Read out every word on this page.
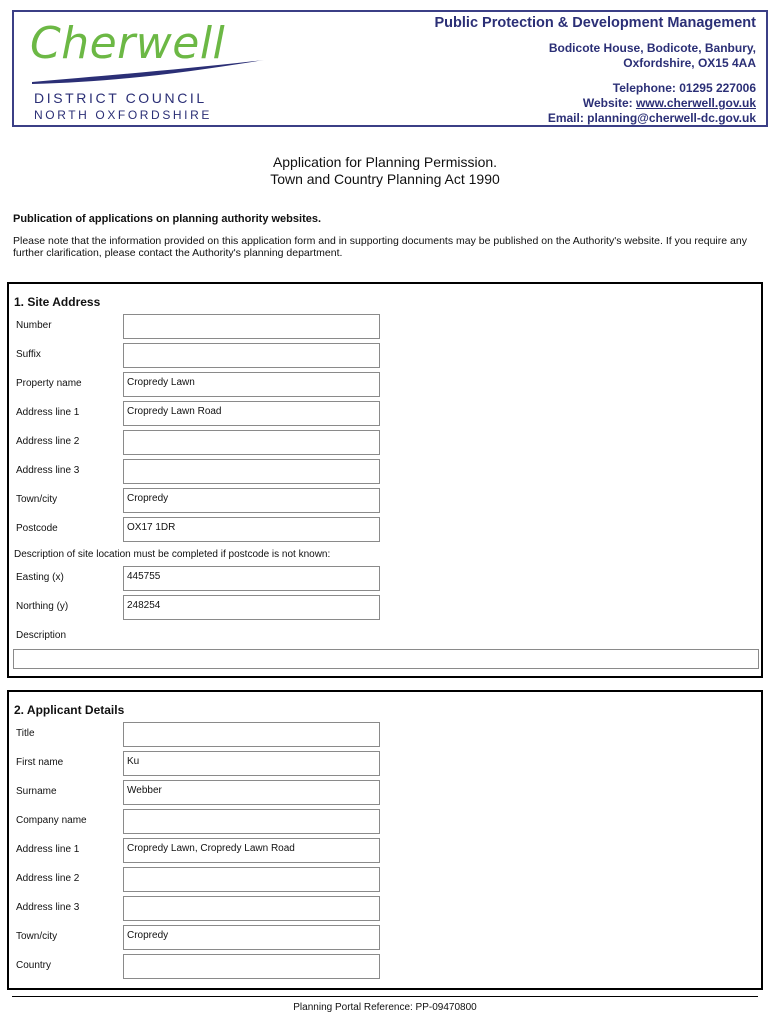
Cherwell
DISTRICT COUNCIL
NORTH OXFORDSHIRE
Public Protection & Development Management
Bodicote House, Bodicote, Banbury,
Oxfordshire, OX15 4AA
Telephone: 01295 227006
Website: www.cherwell.gov.uk
Email: planning@cherwell-dc.gov.uk
Application for Planning Permission.
Town and Country Planning Act 1990
Publication of applications on planning authority websites.
Please note that the information provided on this application form and in supporting documents may be published on the Authority's website. If you require any further clarification, please contact the Authority's planning department.
1. Site Address
Number
Suffix
Property name	Cropredy Lawn
Address line 1	Cropredy Lawn Road
Address line 2
Address line 3
Town/city	Cropredy
Postcode	OX17 1DR
Description of site location must be completed if postcode is not known:
Easting (x)	445755
Northing (y)	248254
Description
2. Applicant Details
Title
First name	Ku
Surname	Webber
Company name
Address line 1	Cropredy Lawn, Cropredy Lawn Road
Address line 2
Address line 3
Town/city	Cropredy
Country
Planning Portal Reference: PP-09470800
